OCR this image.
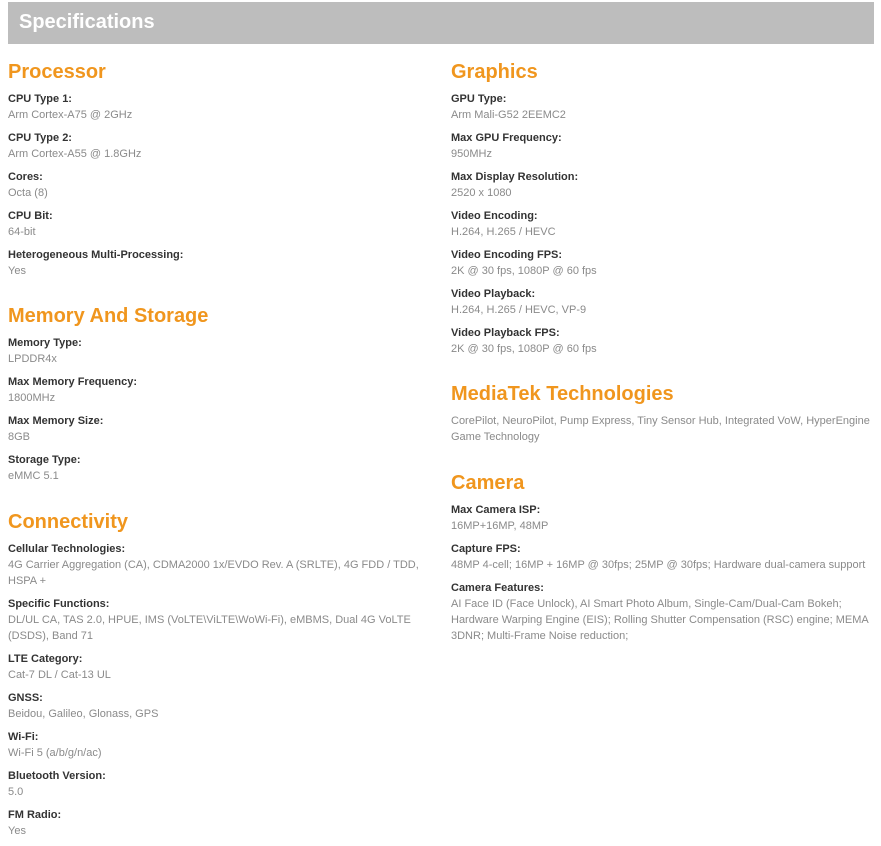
Specifications
Processor
CPU Type 1:
Arm Cortex-A75 @ 2GHz
CPU Type 2:
Arm Cortex-A55 @ 1.8GHz
Cores:
Octa (8)
CPU Bit:
64-bit
Heterogeneous Multi-Processing:
Yes
Memory And Storage
Memory Type:
LPDDR4x
Max Memory Frequency:
1800MHz
Max Memory Size:
8GB
Storage Type:
eMMC 5.1
Connectivity
Cellular Technologies:
4G Carrier Aggregation (CA), CDMA2000 1x/EVDO Rev. A (SRLTE), 4G FDD / TDD, HSPA +
Specific Functions:
DL/UL CA, TAS 2.0, HPUE, IMS (VoLTE\ViLTE\WoWi-Fi), eMBMS, Dual 4G VoLTE (DSDS), Band 71
LTE Category:
Cat-7 DL / Cat-13 UL
GNSS:
Beidou, Galileo, Glonass, GPS
Wi-Fi:
Wi-Fi 5 (a/b/g/n/ac)
Bluetooth Version:
5.0
FM Radio:
Yes
Graphics
GPU Type:
Arm Mali-G52 2EEMC2
Max GPU Frequency:
950MHz
Max Display Resolution:
2520 x 1080
Video Encoding:
H.264, H.265 / HEVC
Video Encoding FPS:
2K @ 30 fps, 1080P @ 60 fps
Video Playback:
H.264, H.265 / HEVC, VP-9
Video Playback FPS:
2K @ 30 fps, 1080P @ 60 fps
MediaTek Technologies
CorePilot, NeuroPilot, Pump Express, Tiny Sensor Hub, Integrated VoW, HyperEngine Game Technology
Camera
Max Camera ISP:
16MP+16MP, 48MP
Capture FPS:
48MP 4-cell; 16MP + 16MP @ 30fps; 25MP @ 30fps; Hardware dual-camera support
Camera Features:
AI Face ID (Face Unlock), AI Smart Photo Album, Single-Cam/Dual-Cam Bokeh; Hardware Warping Engine (EIS); Rolling Shutter Compensation (RSC) engine; MEMA 3DNR; Multi-Frame Noise reduction;
